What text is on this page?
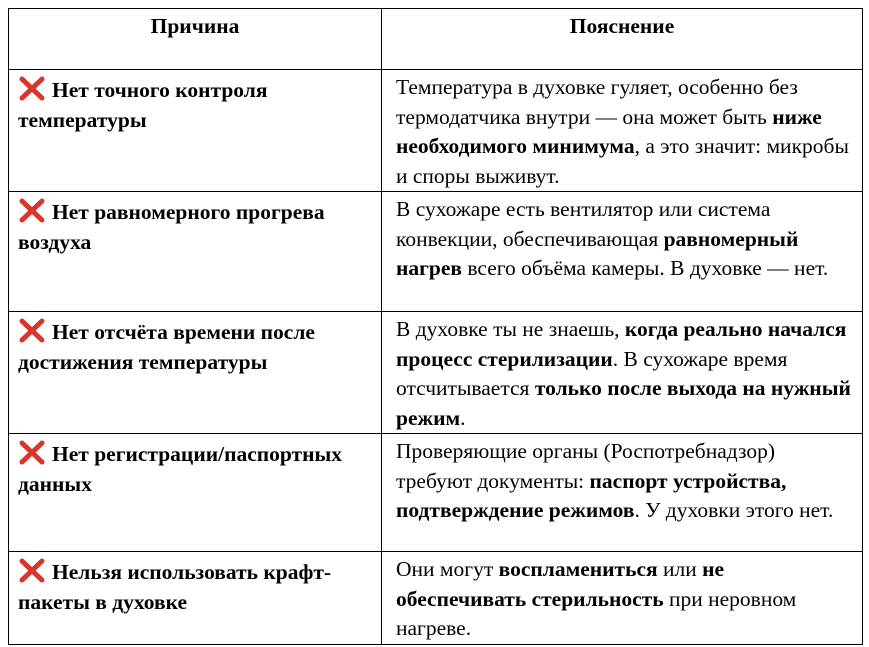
Причина	Пояснение
Нет точного контроля температуры	Температура в духовке гуляет, особенно без термодатчика внутри — она может быть ниже необходимого минимума, а это значит: микробы и споры выживут.
Нет равномерного прогрева воздуха	В сухожаре есть вентилятор или система конвекции, обеспечивающая равномерный нагрев всего объёма камеры. В духовке — нет.
Нет отсчёта времени после достижения температуры	В духовке ты не знаешь, когда реально начался процесс стерилизации. В сухожаре время отсчитывается только после выхода на нужный режим.
Нет регистрации/паспортных данных	Проверяющие органы (Роспотребнадзор) требуют документы: паспорт устройства, подтверждение режимов. У духовки этого нет.
Нельзя использовать крафт-пакеты в духовке	Они могут воспламениться или не обеспечивать стерильность при неровном нагреве.
